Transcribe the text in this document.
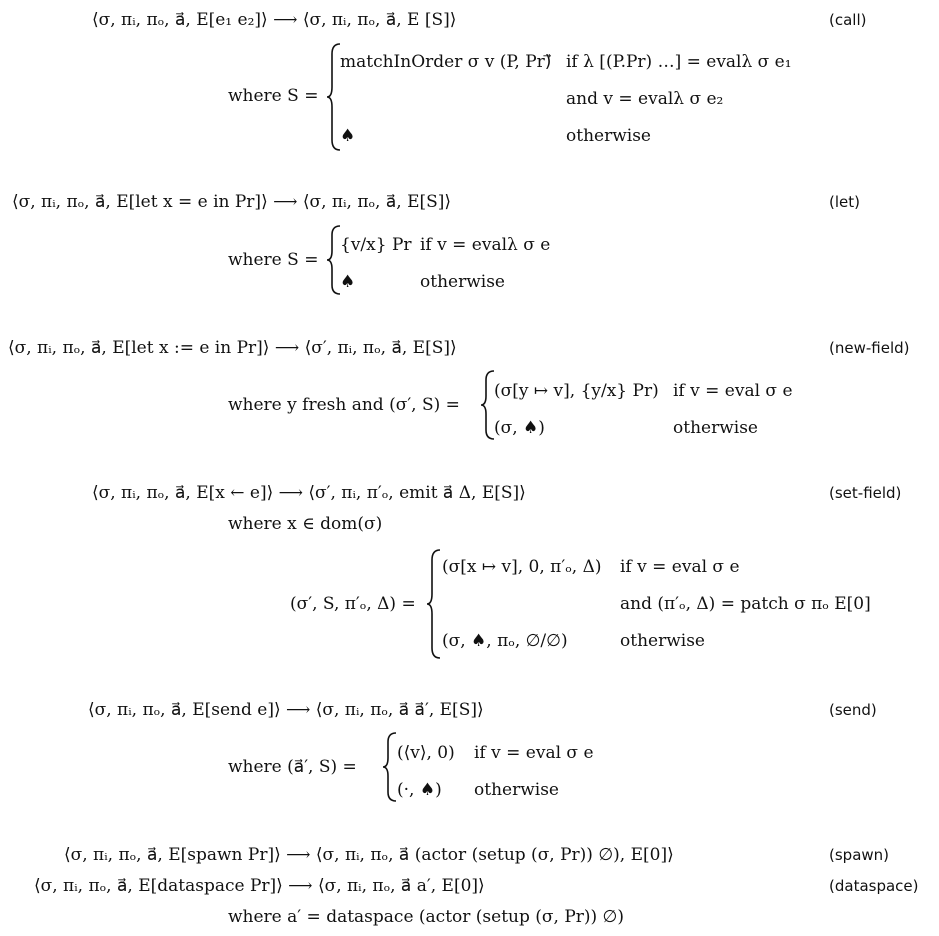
⟨σ, πᵢ, πₒ, a⃗, E[e₁ e₂]⟩ ⟶ ⟨σ, πᵢ, πₒ, a⃗, E [S]⟩	(call)
where S =
matchInOrder σ v (P, Pr)⃗ if λ [(P.Pr) …] = evalλ σ e₁
and v = evalλ σ e₂
♠	otherwise
⟨σ, πᵢ, πₒ, a⃗, E[let x = e in Pr]⟩ ⟶ ⟨σ, πᵢ, πₒ, a⃗, E[S]⟩	(let)
where S =
{v/x} Pr if v = evalλ σ e
♠	otherwise
⟨σ, πᵢ, πₒ, a⃗, E[let x := e in Pr]⟩ ⟶ ⟨σ′, πᵢ, πₒ, a⃗, E[S]⟩	(new-field)
where y fresh and (σ′, S) =
(σ[y ↦ v], {y/x} Pr) if v = eval σ e
(σ, ♠)	otherwise
⟨σ, πᵢ, πₒ, a⃗, E[x ← e]⟩ ⟶ ⟨σ′, πᵢ, π′ₒ, emit a⃗ Δ, E[S]⟩	(set-field)
where x ∈ dom(σ)
(σ′, S, π′ₒ, Δ) =
(σ[x ↦ v], 0, π′ₒ, Δ) if v = eval σ e
and (π′ₒ, Δ) = patch σ πₒ E[0]
(σ, ♠, πₒ, ∅/∅)	otherwise
⟨σ, πᵢ, πₒ, a⃗, E[send e]⟩ ⟶ ⟨σ, πᵢ, πₒ, a⃗ a⃗′, E[S]⟩	(send)
where (a⃗′, S) =
(⟨v⟩, 0) if v = eval σ e
(·, ♠) otherwise
⟨σ, πᵢ, πₒ, a⃗, E[spawn Pr]⟩ ⟶ ⟨σ, πᵢ, πₒ, a⃗ (actor (setup (σ, Pr)) ∅), E[0]⟩	(spawn)
⟨σ, πᵢ, πₒ, a⃗, E[dataspace Pr]⟩ ⟶ ⟨σ, πᵢ, πₒ, a⃗ a′, E[0]⟩	(dataspace)
where a′ = dataspace (actor (setup (σ, Pr)) ∅)
